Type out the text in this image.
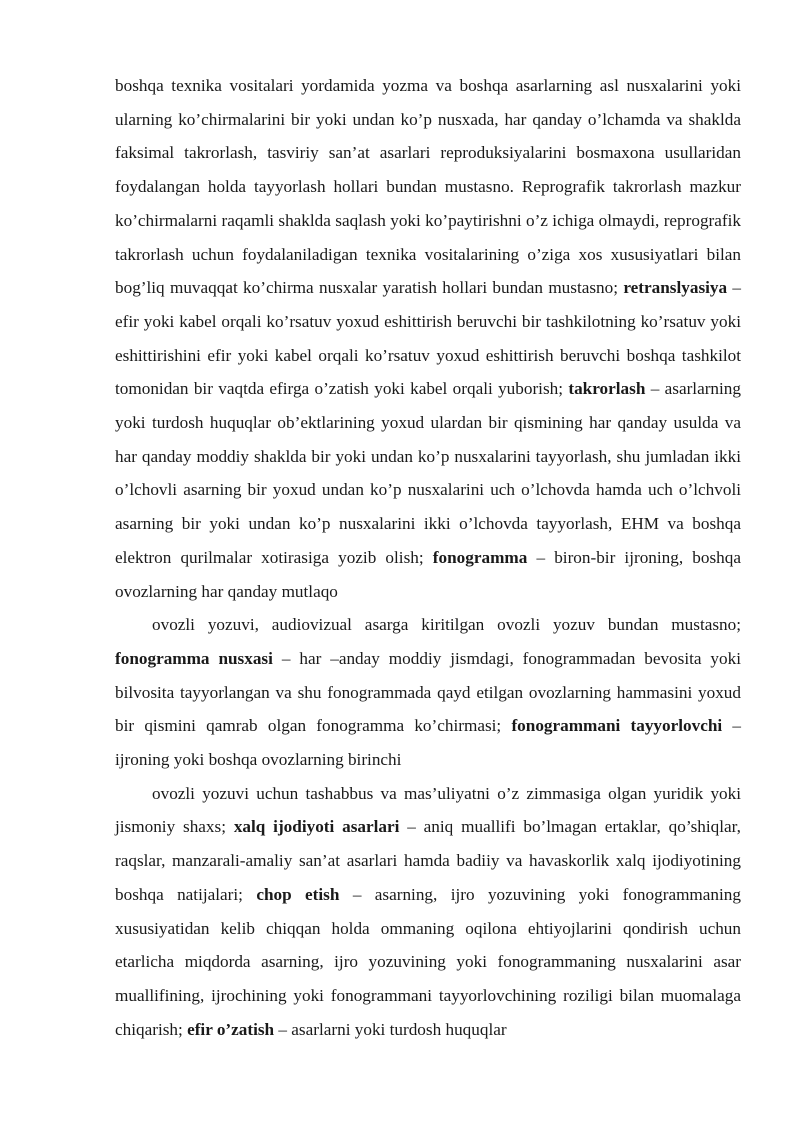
boshqa texnika vositalari yordamida yozma va boshqa asarlarning asl nusxalarini yoki ularning ko’chirmalarini bir yoki undan ko’p nusxada, har qanday o’lchamda va shaklda faksimal takrorlash, tasviriy san’at asarlari reproduksiyalarini bosmaxona usullaridan foydalangan holda tayyorlash hollari bundan mustasno. Reprografik takrorlash mazkur ko’chirmalarni raqamli shaklda saqlash yoki ko’paytirishni o’z ichiga olmaydi, reprografik takrorlash uchun foydalaniladigan texnika vositalarining o’ziga xos xususiyatlari bilan bog’liq muvaqqat ko’chirma nusxalar yaratish hollari bundan mustasno; retranslyasiya – efir yoki kabel orqali ko’rsatuv yoxud eshittirish beruvchi bir tashkilotning ko’rsatuv yoki eshittirishini efir yoki kabel orqali ko’rsatuv yoxud eshittirish beruvchi boshqa tashkilot tomonidan bir vaqtda efirga o’zatish yoki kabel orqali yuborish; takrorlash – asarlarning yoki turdosh huquqlar ob’ektlarining yoxud ulardan bir qismining har qanday usulda va har qanday moddiy shaklda bir yoki undan ko’p nusxalarini tayyorlash, shu jumladan ikki o’lchovli asarning bir yoxud undan ko’p nusxalarini uch o’lchovda hamda uch o’lchvoli asarning bir yoki undan ko’p nusxalarini ikki o’lchovda tayyorlash, EHM va boshqa elektron qurilmalar xotirasiga yozib olish; fonogramma – biron-bir ijroning, boshqa ovozlarning har qanday mutlaqo

ovozli yozuvi, audiovizual asarga kiritilgan ovozli yozuv bundan mustasno; fonogramma nusxasi – har –anday moddiy jismdagi, fonogrammadan bevosita yoki bilvosita tayyorlangan va shu fonogrammada qayd etilgan ovozlarning hammasini yoxud bir qismini qamrab olgan fonogramma ko’chirmasi; fonogrammani tayyorlovchi – ijroning yoki boshqa ovozlarning birinchi

ovozli yozuvi uchun tashabbus va mas’uliyatni o’z zimmasiga olgan yuridik yoki jismoniy shaxs; xalq ijodiyoti asarlari – aniq muallifi bo’lmagan ertaklar, qo’shiqlar, raqslar, manzarali-amaliy san’at asarlari hamda badiiy va havaskorlik xalq ijodiyotining boshqa natijalari; chop etish – asarning, ijro yozuvining yoki fonogrammaning xususiyatidan kelib chiqqan holda ommaning oqilona ehtiyojlarini qondirish uchun etarlicha miqdorda asarning, ijro yozuvining yoki fonogrammaning nusxalarini asar muallifining, ijrochining yoki fonogrammani tayyorlovchining roziligi bilan muomalaga chiqarish; efir o’zatish – asarlarni yoki turdosh huquqlar
